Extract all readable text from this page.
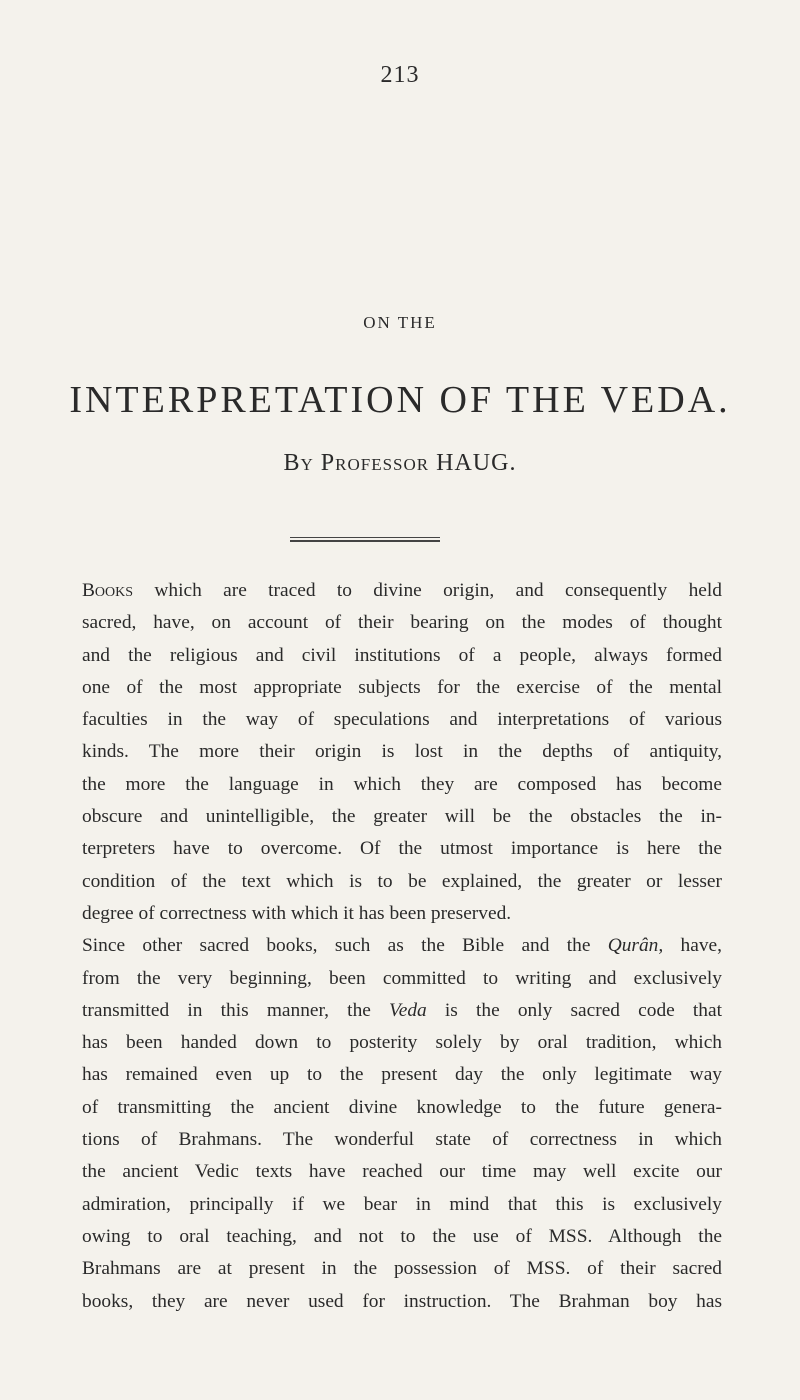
213
ON THE
INTERPRETATION OF THE VEDA.
By Professor HAUG.
Books which are traced to divine origin, and consequently held
sacred, have, on account of their bearing on the modes of thought
and the religious and civil institutions of a people, always formed
one of the most appropriate subjects for the exercise of the mental
faculties in the way of speculations and interpretations of various
kinds. The more their origin is lost in the depths of antiquity,
the more the language in which they are composed has become
obscure and unintelligible, the greater will be the obstacles the in-
terpreters have to overcome. Of the utmost importance is here the
condition of the text which is to be explained, the greater or lesser
degree of correctness with which it has been preserved.
Since other sacred books, such as the Bible and the Qurân, have,
from the very beginning, been committed to writing and exclusively
transmitted in this manner, the Veda is the only sacred code that
has been handed down to posterity solely by oral tradition, which
has remained even up to the present day the only legitimate way
of transmitting the ancient divine knowledge to the future genera-
tions of Brahmans. The wonderful state of correctness in which
the ancient Vedic texts have reached our time may well excite our
admiration, principally if we bear in mind that this is exclusively
owing to oral teaching, and not to the use of MSS. Although the
Brahmans are at present in the possession of MSS. of their sacred
books, they are never used for instruction. The Brahman boy has
